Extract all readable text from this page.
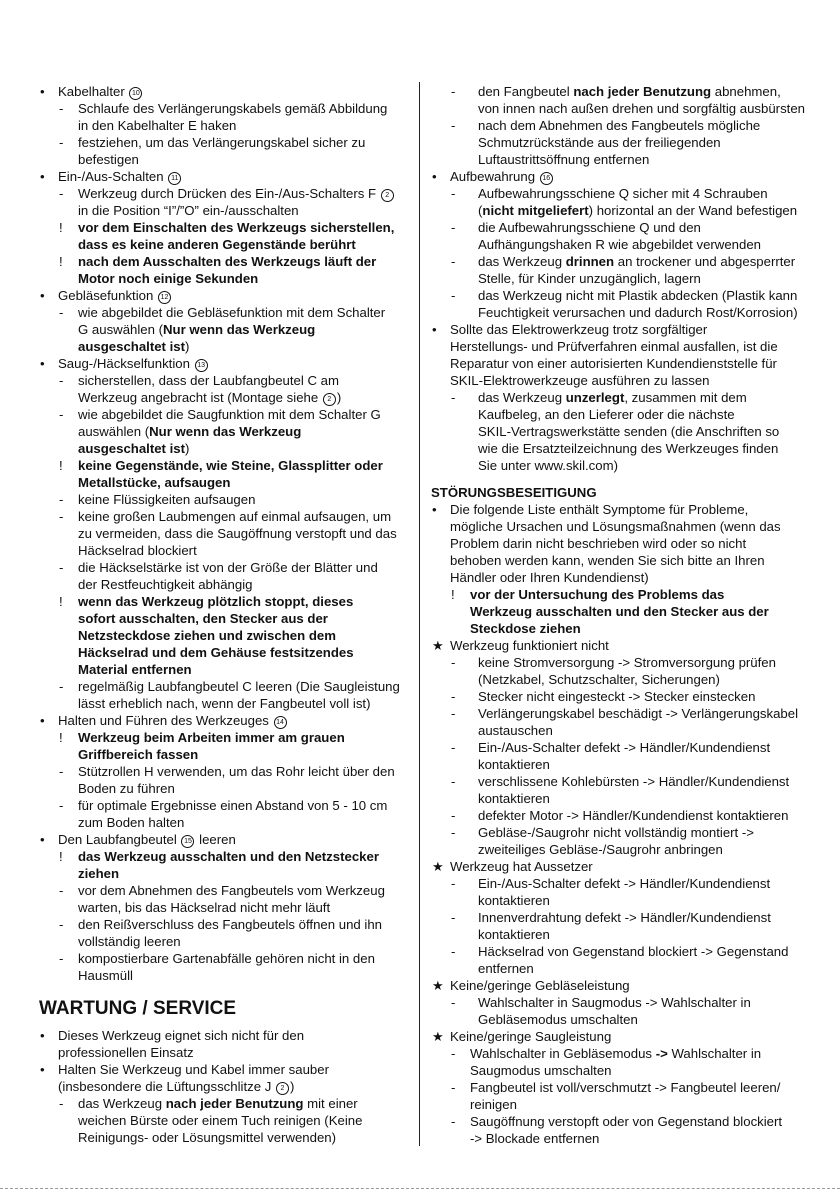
• Kabelhalter 10
- Schlaufe des Verlängerungskabels gemäß Abbildung
in den Kabelhalter E haken
- festziehen, um das Verlängerungskabel sicher zu
befestigen
• Ein-/Aus-Schalten 11
- Werkzeug durch Drücken des Ein-/Aus-Schalters F 2
in die Position “I”/”O” ein-/ausschalten
! vor dem Einschalten des Werkzeugs sicherstellen,
dass es keine anderen Gegenstände berührt
! nach dem Ausschalten des Werkzeugs läuft der
Motor noch einige Sekunden
• Gebläsefunktion 12
- wie abgebildet die Gebläsefunktion mit dem Schalter
G auswählen (Nur wenn das Werkzeug
ausgeschaltet ist)
• Saug-/Häckselfunktion 13
- sicherstellen, dass der Laubfangbeutel C am
Werkzeug angebracht ist (Montage siehe 2 )
- wie abgebildet die Saugfunktion mit dem Schalter G
auswählen (Nur wenn das Werkzeug
ausgeschaltet ist)
! keine Gegenstände, wie Steine, Glassplitter oder
Metallstücke, aufsaugen
- keine Flüssigkeiten aufsaugen
- keine großen Laubmengen auf einmal aufsaugen, um
zu vermeiden, dass die Saugöffnung verstopft und das
Häckselrad blockiert
- die Häckselstärke ist von der Größe der Blätter und
der Restfeuchtigkeit abhängig
! wenn das Werkzeug plötzlich stoppt, dieses
sofort ausschalten, den Stecker aus der
Netzsteckdose ziehen und zwischen dem
Häckselrad und dem Gehäuse festsitzendes
Material entfernen
- regelmäßig Laubfangbeutel C leeren (Die Saugleistung
lässt erheblich nach, wenn der Fangbeutel voll ist)
• Halten und Führen des Werkzeuges 14
! Werkzeug beim Arbeiten immer am grauen
Griffbereich fassen
- Stützrollen H verwenden, um das Rohr leicht über den
Boden zu führen
- für optimale Ergebnisse einen Abstand von 5 - 10 cm
zum Boden halten
• Den Laubfangbeutel 15 leeren
! das Werkzeug ausschalten und den Netzstecker
ziehen
- vor dem Abnehmen des Fangbeutels vom Werkzeug
warten, bis das Häckselrad nicht mehr läuft
- den Reißverschluss des Fangbeutels öffnen und ihn
vollständig leeren
- kompostierbare Gartenabfälle gehören nicht in den
Hausmüll
WARTUNG / SERVICE
• Dieses Werkzeug eignet sich nicht für den
professionellen Einsatz
• Halten Sie Werkzeug und Kabel immer sauber
(insbesondere die Lüftungsschlitze J 2 )
- das Werkzeug nach jeder Benutzung mit einer
weichen Bürste oder einem Tuch reinigen (Keine
Reinigungs- oder Lösungsmittel verwenden)
- den Fangbeutel nach jeder Benutzung abnehmen,
von innen nach außen drehen und sorgfältig ausbürsten
- nach dem Abnehmen des Fangbeutels mögliche
Schmutzrückstände aus der freiliegenden
Luftaustrittsöffnung entfernen
• Aufbewahrung 16
- Aufbewahrungsschiene Q sicher mit 4 Schrauben
(nicht mitgeliefert) horizontal an der Wand befestigen
- die Aufbewahrungsschiene Q und den
Aufhängungshaken R wie abgebildet verwenden
- das Werkzeug drinnen an trockener und abgesperrter
Stelle, für Kinder unzugänglich, lagern
- das Werkzeug nicht mit Plastik abdecken (Plastik kann
Feuchtigkeit verursachen und dadurch Rost/Korrosion)
• Sollte das Elektrowerkzeug trotz sorgfältiger
Herstellungs- und Prüfverfahren einmal ausfallen, ist die
Reparatur von einer autorisierten Kundendienststelle für
SKIL-Elektrowerkzeuge ausführen zu lassen
- das Werkzeug unzerlegt, zusammen mit dem
Kaufbeleg, an den Lieferer oder die nächste
SKIL-Vertragswerkstätte senden (die Anschriften so
wie die Ersatzteilzeichnung des Werkzeuges finden
Sie unter www.skil.com)
STÖRUNGSBESEITIGUNG
• Die folgende Liste enthält Symptome für Probleme,
mögliche Ursachen und Lösungsmaßnahmen (wenn das
Problem darin nicht beschrieben wird oder so nicht
behoben werden kann, wenden Sie sich bitte an Ihren
Händler oder Ihren Kundendienst)
! vor der Untersuchung des Problems das
Werkzeug ausschalten und den Stecker aus der
Steckdose ziehen
★ Werkzeug funktioniert nicht
- keine Stromversorgung -> Stromversorgung prüfen
(Netzkabel, Schutzschalter, Sicherungen)
- Stecker nicht eingesteckt -> Stecker einstecken
- Verlängerungskabel beschädigt -> Verlängerungskabel
austauschen
- Ein-/Aus-Schalter defekt -> Händler/Kundendienst
kontaktieren
- verschlissene Kohlebürsten -> Händler/Kundendienst
kontaktieren
- defekter Motor -> Händler/Kundendienst kontaktieren
- Gebläse-/Saugrohr nicht vollständig montiert ->
zweiteiliges Gebläse-/Saugrohr anbringen
★ Werkzeug hat Aussetzer
- Ein-/Aus-Schalter defekt -> Händler/Kundendienst
kontaktieren
- Innenverdrahtung defekt -> Händler/Kundendienst
kontaktieren
- Häckselrad von Gegenstand blockiert -> Gegenstand
entfernen
★ Keine/geringe Gebläseleistung
- Wahlschalter in Saugmodus -> Wahlschalter in
Gebläsemodus umschalten
★ Keine/geringe Saugleistung
- Wahlschalter in Gebläsemodus -> Wahlschalter in
Saugmodus umschalten
- Fangbeutel ist voll/verschmutzt -> Fangbeutel leeren/
reinigen
- Saugöffnung verstopft oder von Gegenstand blockiert
-> Blockade entfernen
